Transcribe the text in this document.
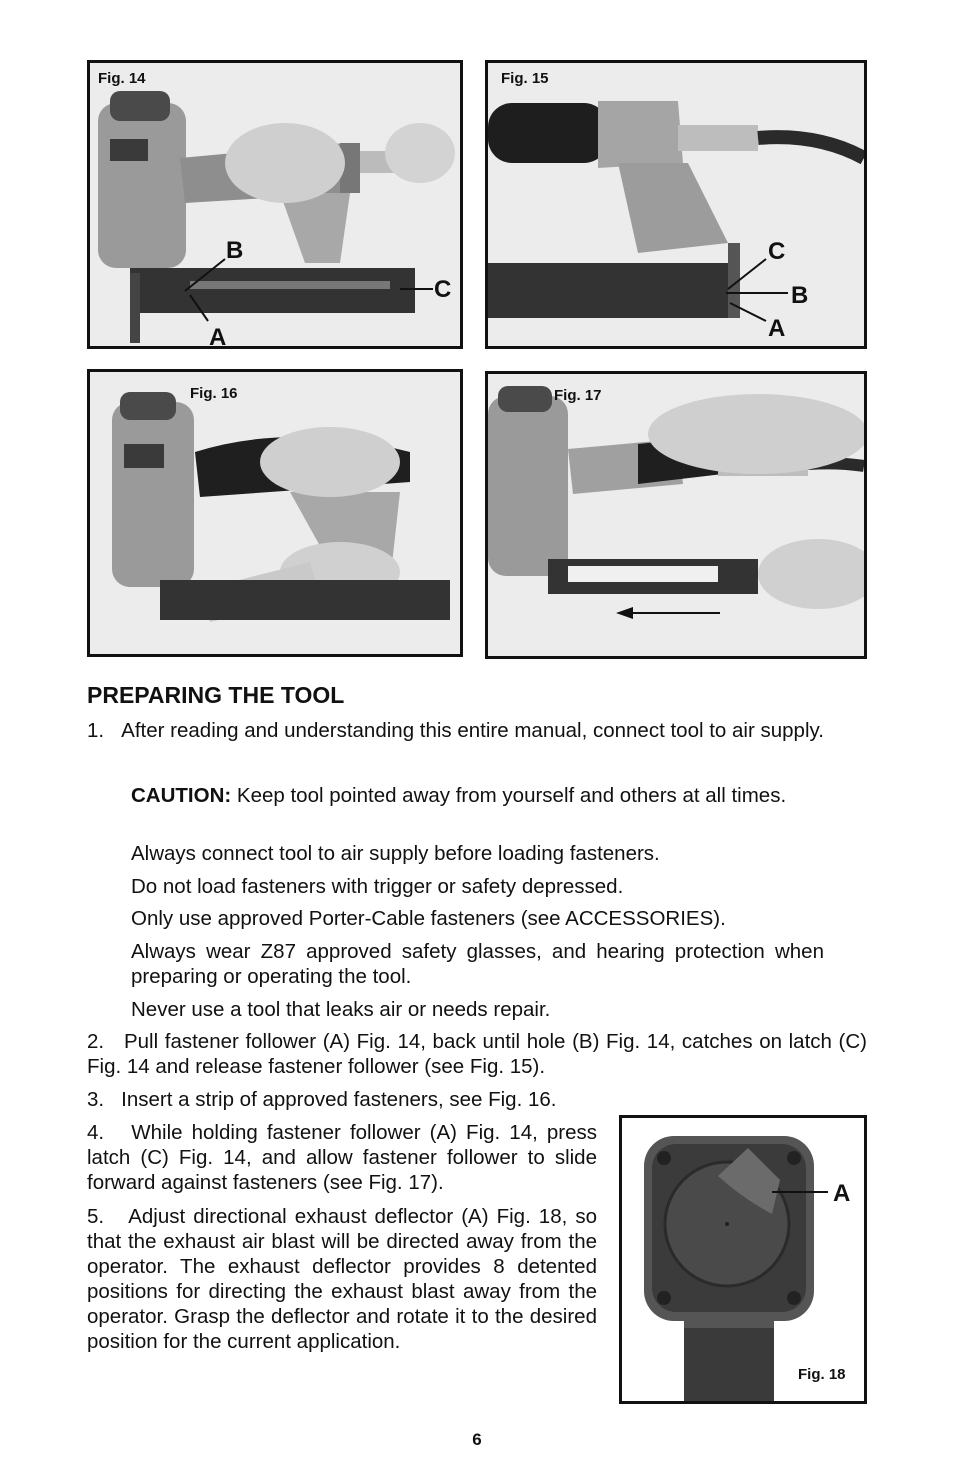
Fig. 14
B
C
A
Fig. 15
C
B
A
Fig. 16	Fig. 17
PREPARING THE TOOL

1.   After reading and understanding this entire manual, connect tool to air supply.

CAUTION: Keep tool pointed away from yourself and others at all times.

Always connect tool to air supply before loading fasteners.

Do not load fasteners with trigger or safety depressed.

Only use approved Porter-Cable fasteners (see ACCESSORIES).

Always wear Z87 approved safety glasses, and hearing protection when preparing or operating the tool.

Never use a tool that leaks air or needs repair.

2.   Pull fastener follower (A) Fig. 14, back until hole (B) Fig. 14, catches on latch (C) Fig. 14 and release fastener follower (see Fig. 15).

3.   Insert a strip of approved fasteners, see Fig. 16.

4.   While holding fastener follower (A) Fig. 14, press latch (C) Fig. 14, and allow fastener follower to slide forward against fasteners (see Fig. 17).

5.   Adjust directional exhaust deflector (A) Fig. 18, so that the exhaust air blast will be directed away from the operator. The exhaust deflector provides 8 detented positions for directing the exhaust blast away from the operator. Grasp the deflector and rotate it to the desired position for the current application.

A
Fig. 18
6
